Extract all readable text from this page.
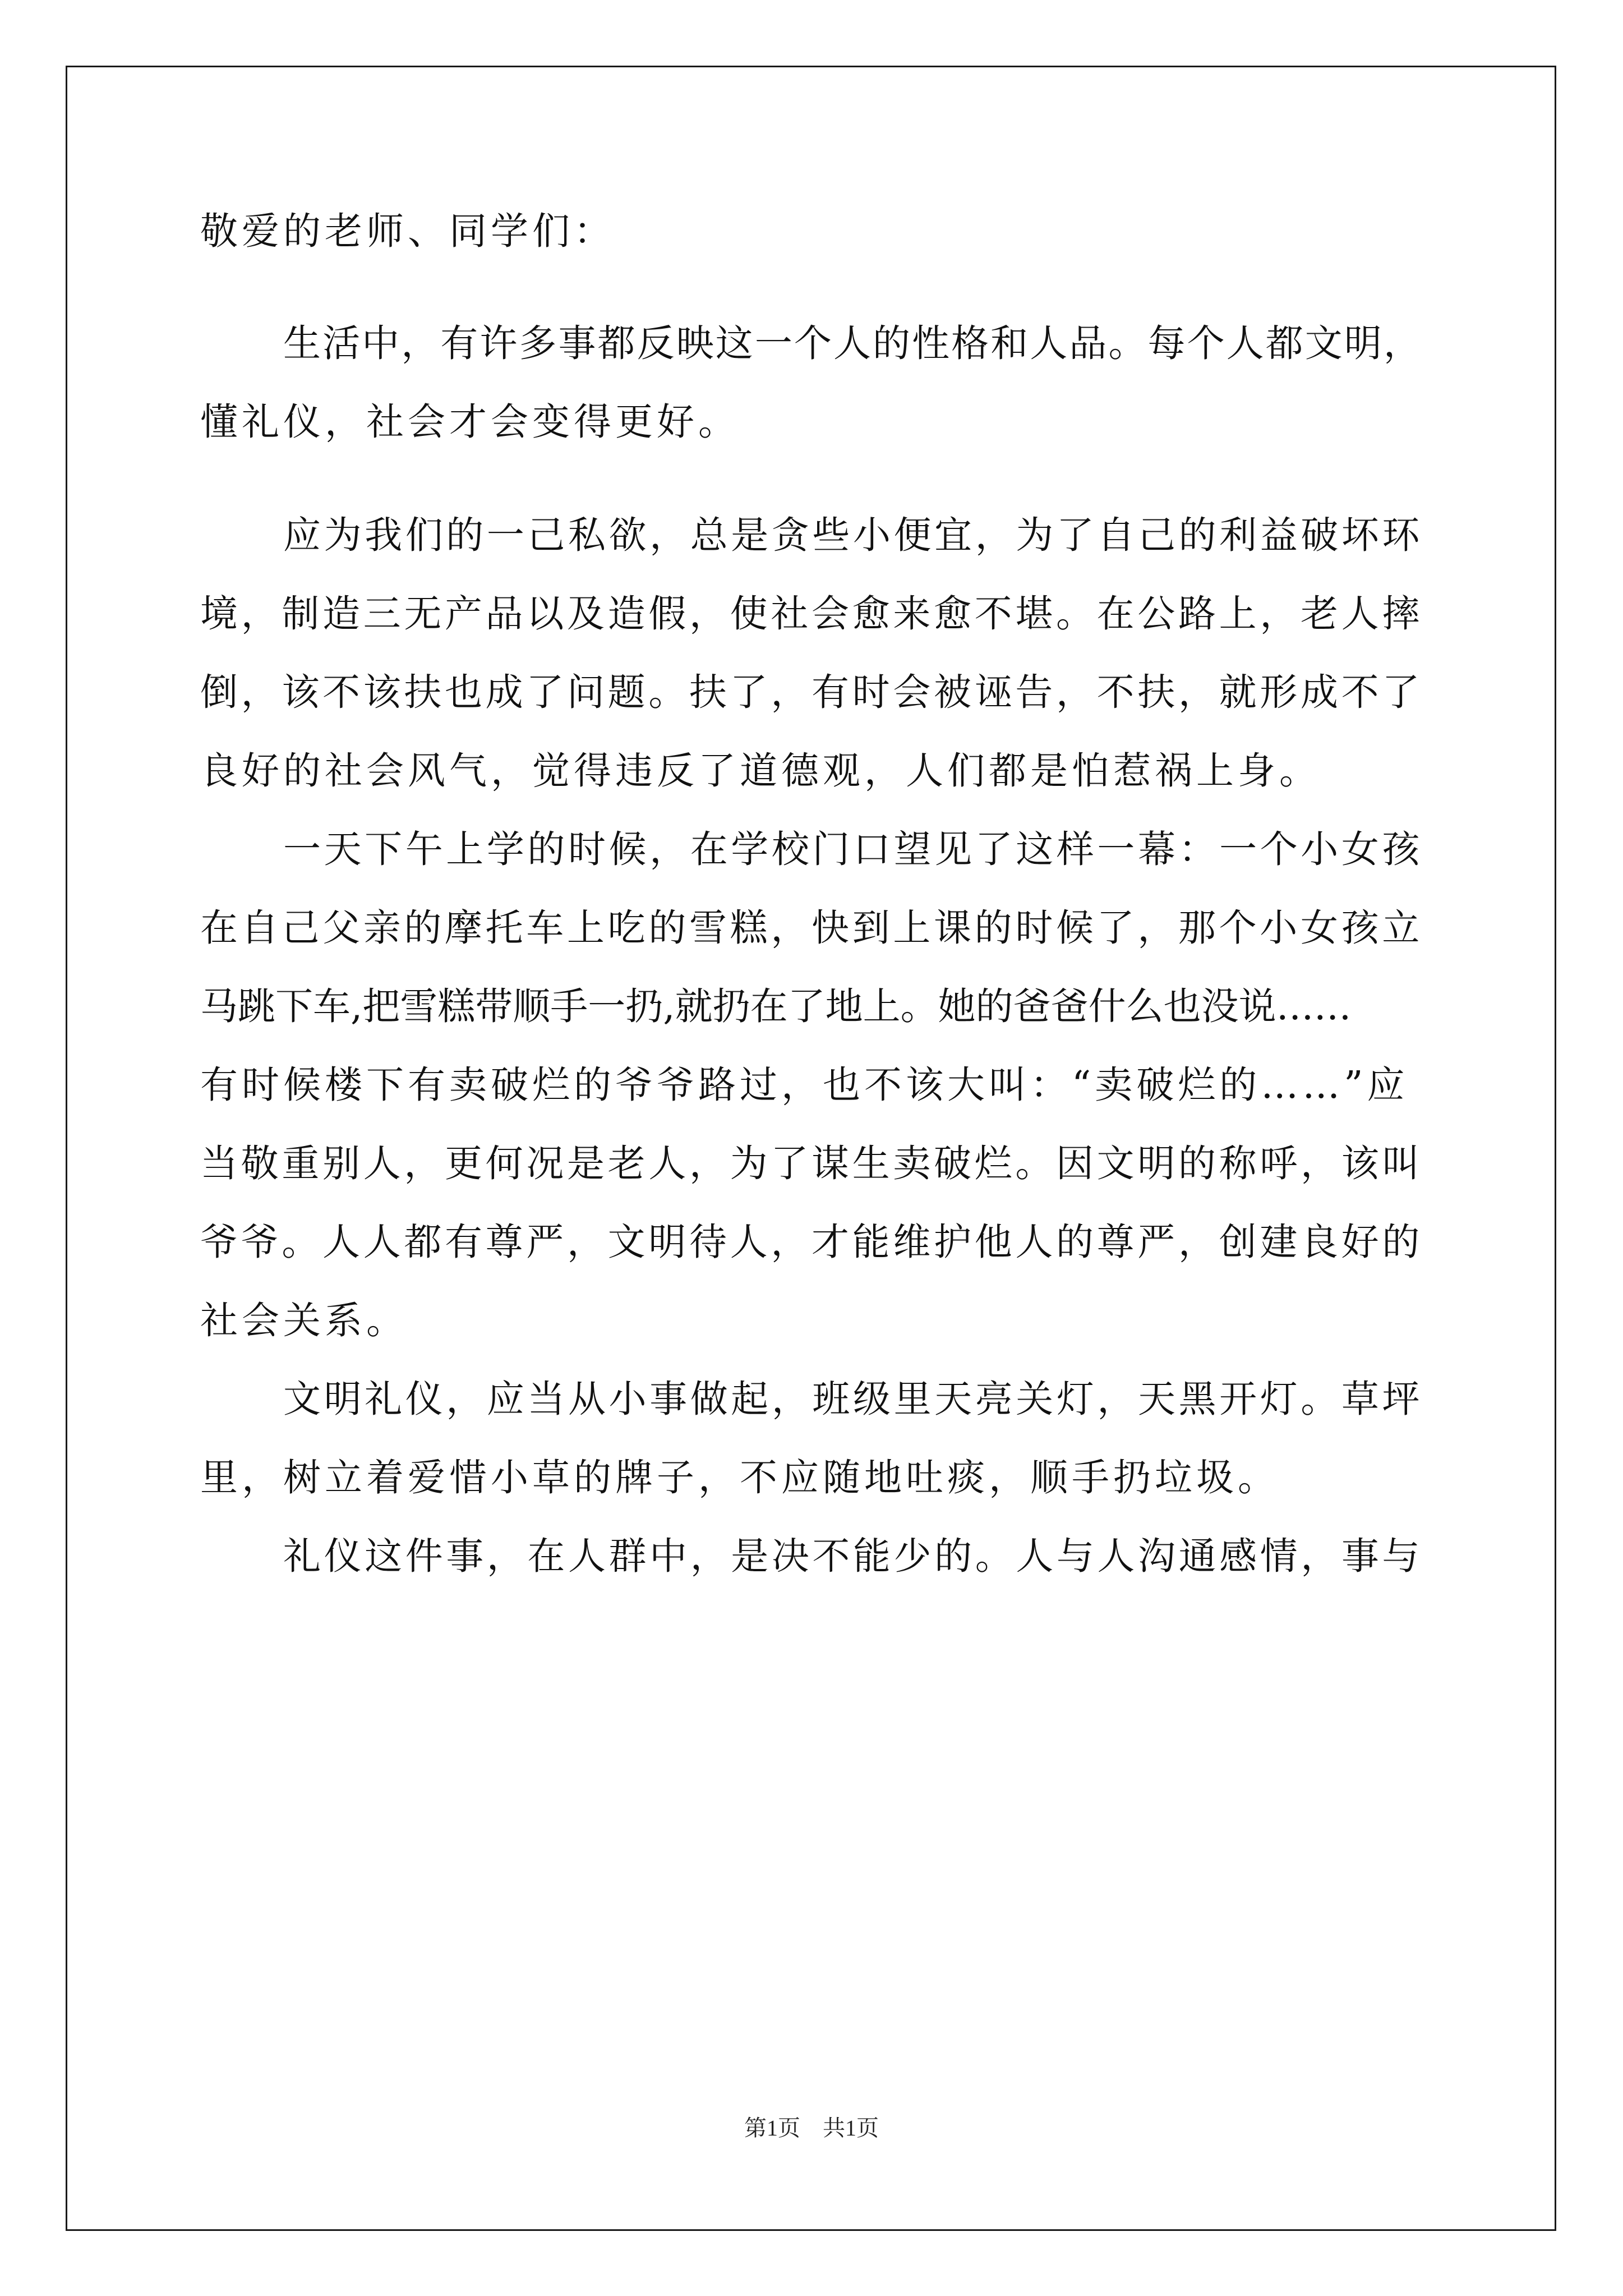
敬爱的老师、同学们：
生活中，有许多事都反映这一个人的性格和人品。每个人都文明，
懂礼仪，社会才会变得更好。
应为我们的一己私欲，总是贪些小便宜，为了自己的利益破坏环
境，制造三无产品以及造假，使社会愈来愈不堪。在公路上，老人摔
倒，该不该扶也成了问题。扶了，有时会被诬告，不扶，就形成不了
良好的社会风气，觉得违反了道德观，人们都是怕惹祸上身。
一天下午上学的时候，在学校门口望见了这样一幕：一个小女孩
在自己父亲的摩托车上吃的雪糕，快到上课的时候了，那个小女孩立
马跳下车,把雪糕带顺手一扔,就扔在了地上。她的爸爸什么也没说……
有时候楼下有卖破烂的爷爷路过，也不该大叫：“卖破烂的……”应
当敬重别人，更何况是老人，为了谋生卖破烂。因文明的称呼，该叫
爷爷。人人都有尊严，文明待人，才能维护他人的尊严，创建良好的
社会关系。
文明礼仪，应当从小事做起，班级里天亮关灯，天黑开灯。草坪
里，树立着爱惜小草的牌子，不应随地吐痰，顺手扔垃圾。
礼仪这件事，在人群中，是决不能少的。人与人沟通感情，事与
第1页　共1页
